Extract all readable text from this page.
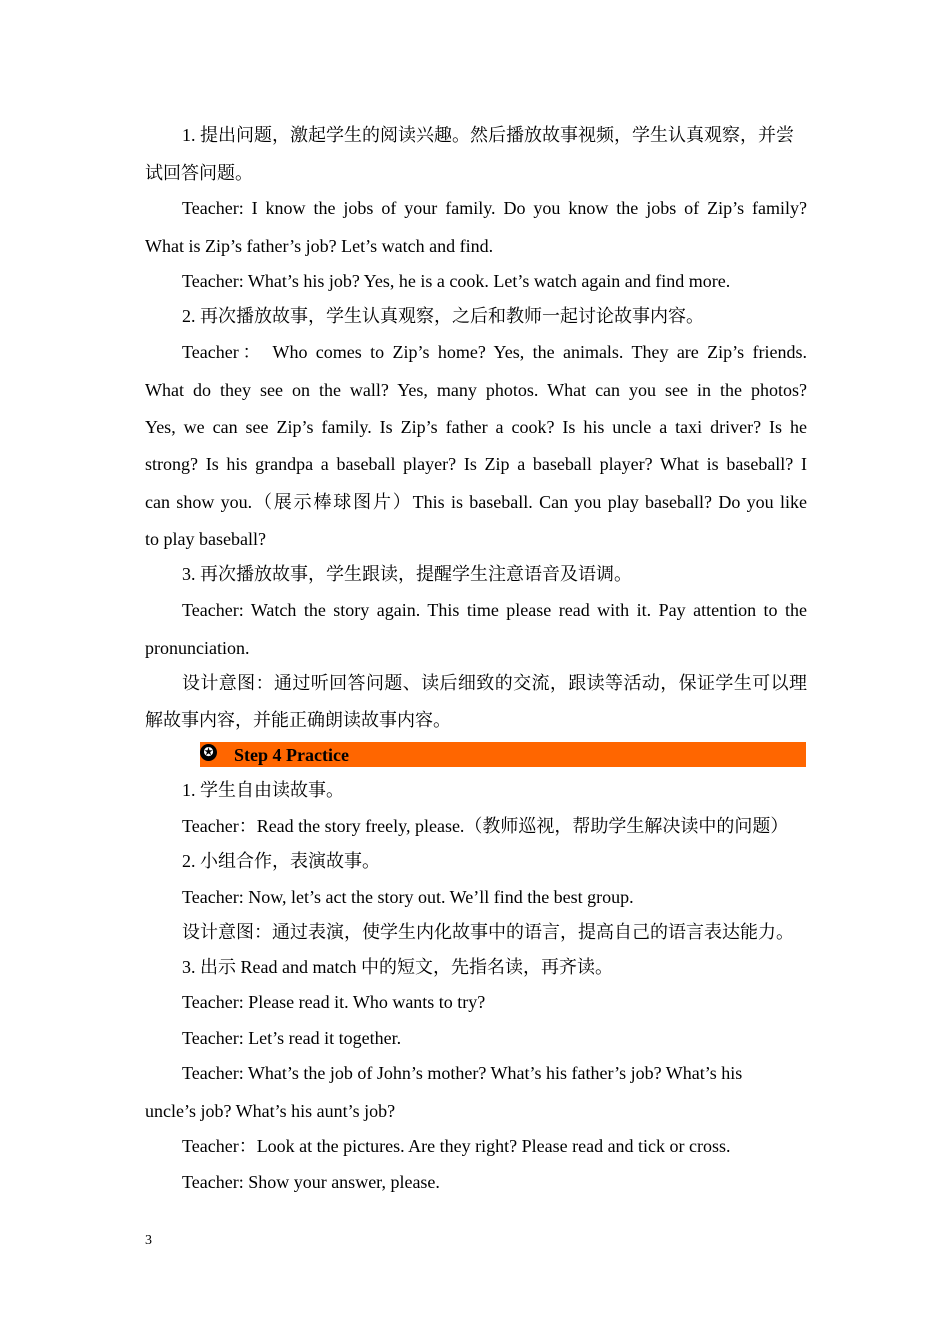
1. 提出问题，激起学生的阅读兴趣。然后播放故事视频，学生认真观察，并尝
试回答问题。
Teacher: I know the jobs of your family. Do you know the jobs of Zip’s family?
What is Zip’s father’s job? Let’s watch and find.
Teacher: What’s his job? Yes, he is a cook. Let’s watch again and find more.
2. 再次播放故事，学生认真观察，之后和教师一起讨论故事内容。
Teacher： Who comes to Zip’s home? Yes, the animals. They are Zip’s friends.
What do they see on the wall? Yes, many photos. What can you see in the photos?
Yes, we can see Zip’s family. Is Zip’s father a cook? Is his uncle a taxi driver? Is he
strong? Is his grandpa a baseball player? Is Zip a baseball player? What is baseball? I
can show you.（展示棒球图片）This is baseball. Can you play baseball? Do you like
to play baseball?
3. 再次播放故事，学生跟读，提醒学生注意语音及语调。
Teacher: Watch the story again. This time please read with it. Pay attention to the
pronunciation.
设计意图：通过听回答问题、读后细致的交流，跟读等活动，保证学生可以理
解故事内容，并能正确朗读故事内容。
✪ Step 4 Practice
1. 学生自由读故事。
Teacher：Read the story freely, please.（教师巡视，帮助学生解决读中的问题）
2. 小组合作，表演故事。
Teacher: Now, let’s act the story out. We’ll find the best group.
设计意图：通过表演，使学生内化故事中的语言，提高自己的语言表达能力。
3. 出示 Read and match 中的短文，先指名读，再齐读。
Teacher: Please read it. Who wants to try?
Teacher: Let’s read it together.
Teacher: What’s the job of John’s mother? What’s his father’s job? What’s his
uncle’s job? What’s his aunt’s job?
Teacher：Look at the pictures. Are they right? Please read and tick or cross.
Teacher: Show your answer, please.
3
